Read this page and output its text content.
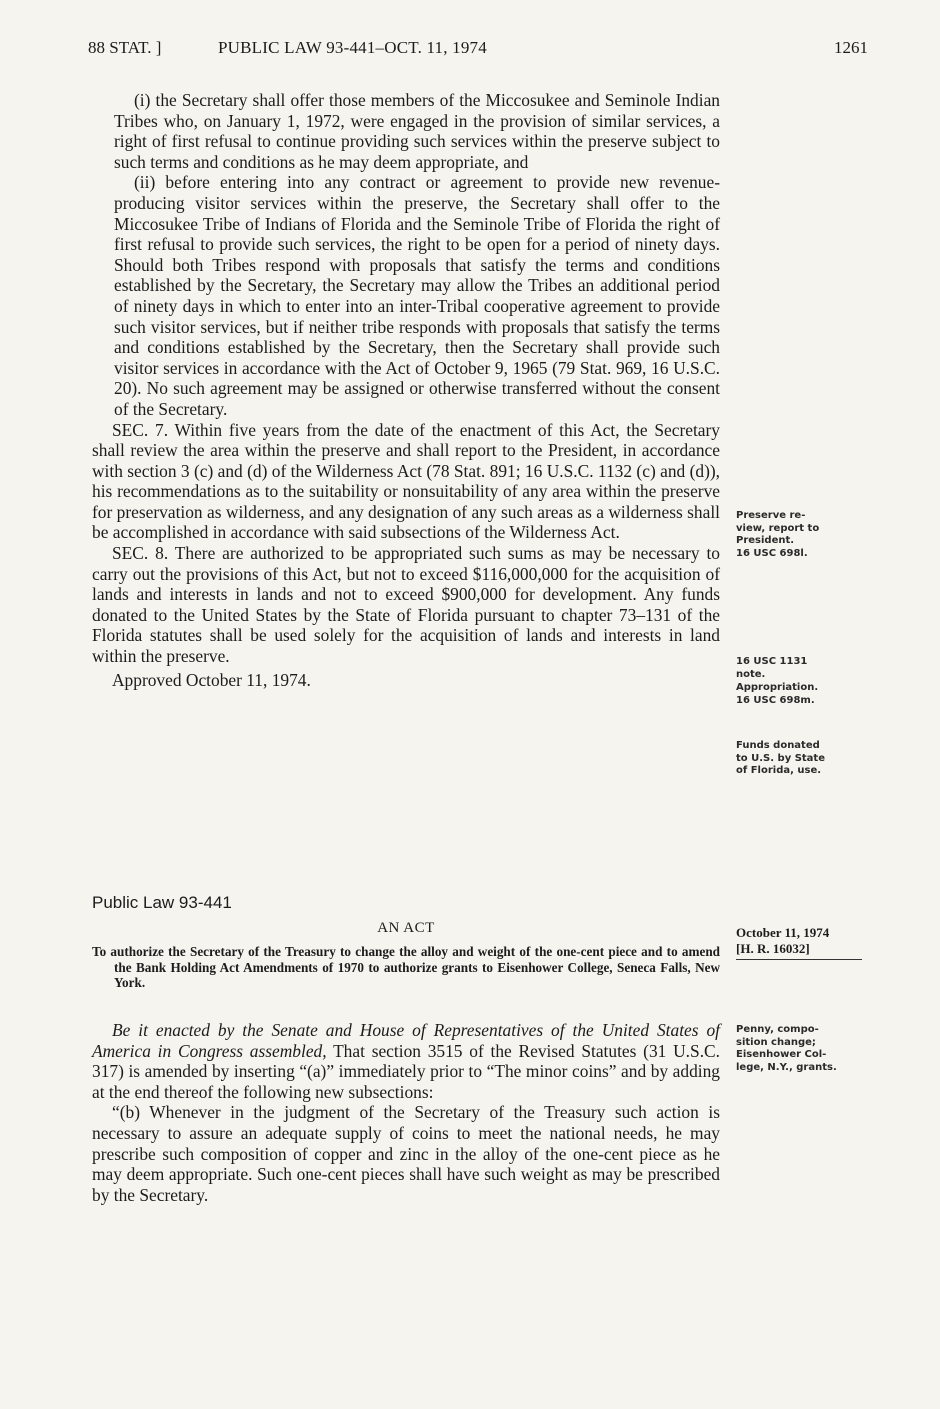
88 STAT. ]	PUBLIC LAW 93-441–OCT. 11, 1974	1261

(i) the Secretary shall offer those members of the Miccosukee and Seminole Indian Tribes who, on January 1, 1972, were engaged in the provision of similar services, a right of first refusal to continue providing such services within the preserve subject to such terms and conditions as he may deem appropriate, and

(ii) before entering into any contract or agreement to provide new revenue-producing visitor services within the preserve, the Secretary shall offer to the Miccosukee Tribe of Indians of Florida and the Seminole Tribe of Florida the right of first refusal to provide such services, the right to be open for a period of ninety days. Should both Tribes respond with proposals that satisfy the terms and conditions established by the Secretary, the Secretary may allow the Tribes an additional period of ninety days in which to enter into an inter-Tribal cooperative agreement to provide such visitor services, but if neither tribe responds with proposals that satisfy the terms and conditions established by the Secretary, then the Secretary shall provide such visitor services in accordance with the Act of October 9, 1965 (79 Stat. 969, 16 U.S.C. 20). No such agreement may be assigned or otherwise transferred without the consent of the Secretary.

SEC. 7. Within five years from the date of the enactment of this Act, the Secretary shall review the area within the preserve and shall report to the President, in accordance with section 3 (c) and (d) of the Wilderness Act (78 Stat. 891; 16 U.S.C. 1132 (c) and (d)), his recommendations as to the suitability or nonsuitability of any area within the preserve for preservation as wilderness, and any designation of any such areas as a wilderness shall be accomplished in accordance with said subsections of the Wilderness Act.

SEC. 8. There are authorized to be appropriated such sums as may be necessary to carry out the provisions of this Act, but not to exceed $116,000,000 for the acquisition of lands and interests in lands and not to exceed $900,000 for development. Any funds donated to the United States by the State of Florida pursuant to chapter 73–131 of the Florida statutes shall be used solely for the acquisition of lands and interests in land within the preserve.

Approved October 11, 1974.

Preserve re-
view, report to
President.
16 USC 698l.
16 USC 1131
note.
Appropriation.
16 USC 698m.
Funds donated
to U.S. by State
of Florida, use.
Public Law 93-441
AN ACT	October 11, 1974
[H. R. 16032]
To authorize the Secretary of the Treasury to change the alloy and weight of the one-cent piece and to amend the Bank Holding Act Amendments of 1970 to authorize grants to Eisenhower College, Seneca Falls, New York.

Be it enacted by the Senate and House of Representatives of the United States of America in Congress assembled, That section 3515 of the Revised Statutes (31 U.S.C. 317) is amended by inserting “(a)” immediately prior to “The minor coins” and by adding at the end thereof the following new subsections:

“(b) Whenever in the judgment of the Secretary of the Treasury such action is necessary to assure an adequate supply of coins to meet the national needs, he may prescribe such composition of copper and zinc in the alloy of the one-cent piece as he may deem appropriate. Such one-cent pieces shall have such weight as may be prescribed by the Secretary.

Penny, compo-
sition change;
Eisenhower Col-
lege, N.Y., grants.
